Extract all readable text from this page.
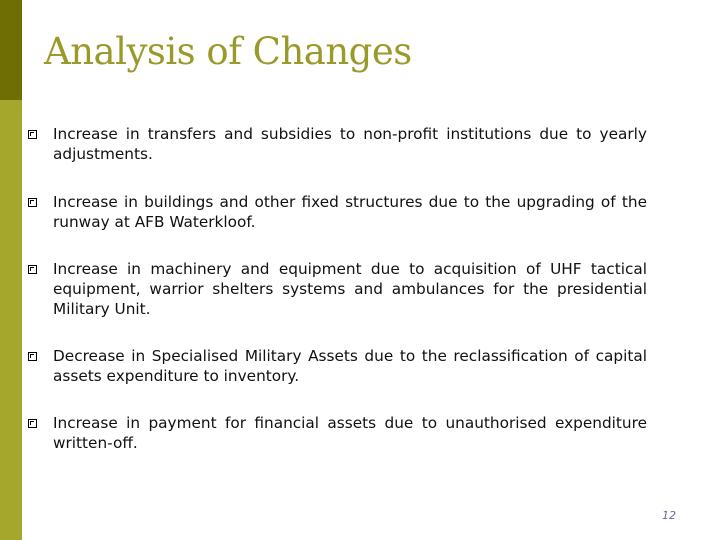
Analysis of Changes
Increase in transfers and subsidies to non-profit institutions due to yearly adjustments.
Increase in buildings and other fixed structures due to the upgrading of the runway at AFB Waterkloof.
Increase in machinery and equipment due to acquisition of UHF tactical equipment, warrior shelters systems and ambulances for the presidential Military Unit.
Decrease in Specialised Military Assets due to the reclassification of capital assets expenditure to inventory.
Increase in payment for financial assets due to unauthorised expenditure written-off.
12
